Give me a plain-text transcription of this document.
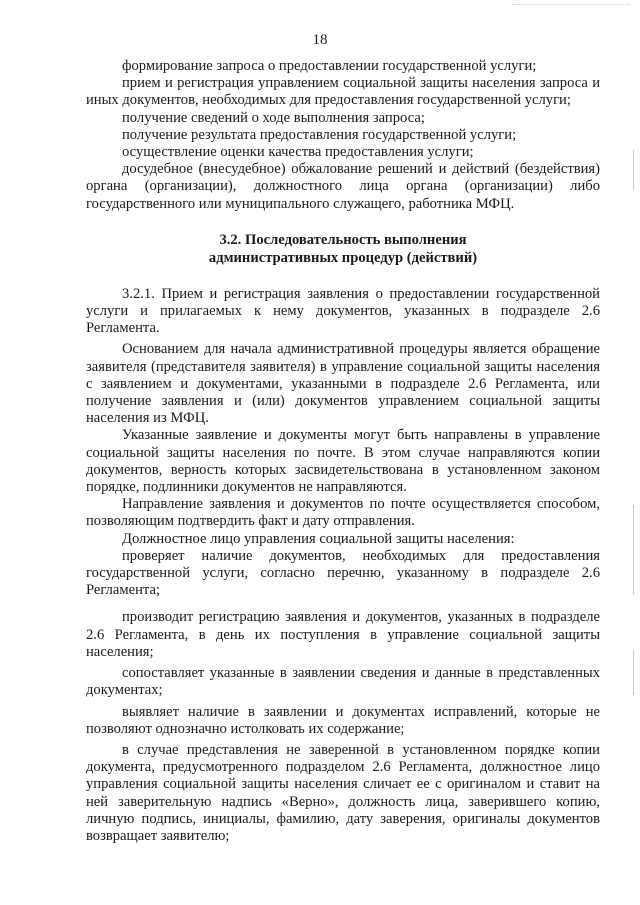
18

формирование запроса о предоставлении государственной услуги;

прием и регистрация управлением социальной защиты населения запроса и иных документов, необходимых для предоставления государственной услуги;

получение сведений о ходе выполнения запроса;

получение результата предоставления государственной услуги;

осуществление оценки качества предоставления услуги;

досудебное (внесудебное) обжалование решений и действий (бездействия) органа (организации), должностного лица органа (организации) либо государственного или муниципального служащего, работника МФЦ.

3.2. Последовательность выполнения
административных процедур (действий)

3.2.1. Прием и регистрация заявления о предоставлении государственной услуги и прилагаемых к нему документов, указанных в подразделе 2.6 Регламента.

Основанием для начала административной процедуры является обращение заявителя (представителя заявителя) в управление социальной защиты населения с заявлением и документами, указанными в подразделе 2.6 Регламента, или получение заявления и (или) документов управлением социальной защиты населения из МФЦ.

Указанные заявление и документы могут быть направлены в управление социальной защиты населения по почте. В этом случае направляются копии документов, верность которых засвидетельствована в установленном законом порядке, подлинники документов не направляются.

Направление заявления и документов по почте осуществляется способом, позволяющим подтвердить факт и дату отправления.

Должностное лицо управления социальной защиты населения:

проверяет наличие документов, необходимых для предоставления государственной услуги, согласно перечню, указанному в подразделе 2.6 Регламента;

производит регистрацию заявления и документов, указанных в подразделе 2.6 Регламента, в день их поступления в управление социальной защиты населения;

сопоставляет указанные в заявлении сведения и данные в представленных документах;

выявляет наличие в заявлении и документах исправлений, которые не позволяют однозначно истолковать их содержание;

в случае представления не заверенной в установленном порядке копии документа, предусмотренного подразделом 2.6 Регламента, должностное лицо управления социальной защиты населения сличает ее с оригиналом и ставит на ней заверительную надпись «Верно», должность лица, заверившего копию, личную подпись, инициалы, фамилию, дату заверения, оригиналы документов возвращает заявителю;
